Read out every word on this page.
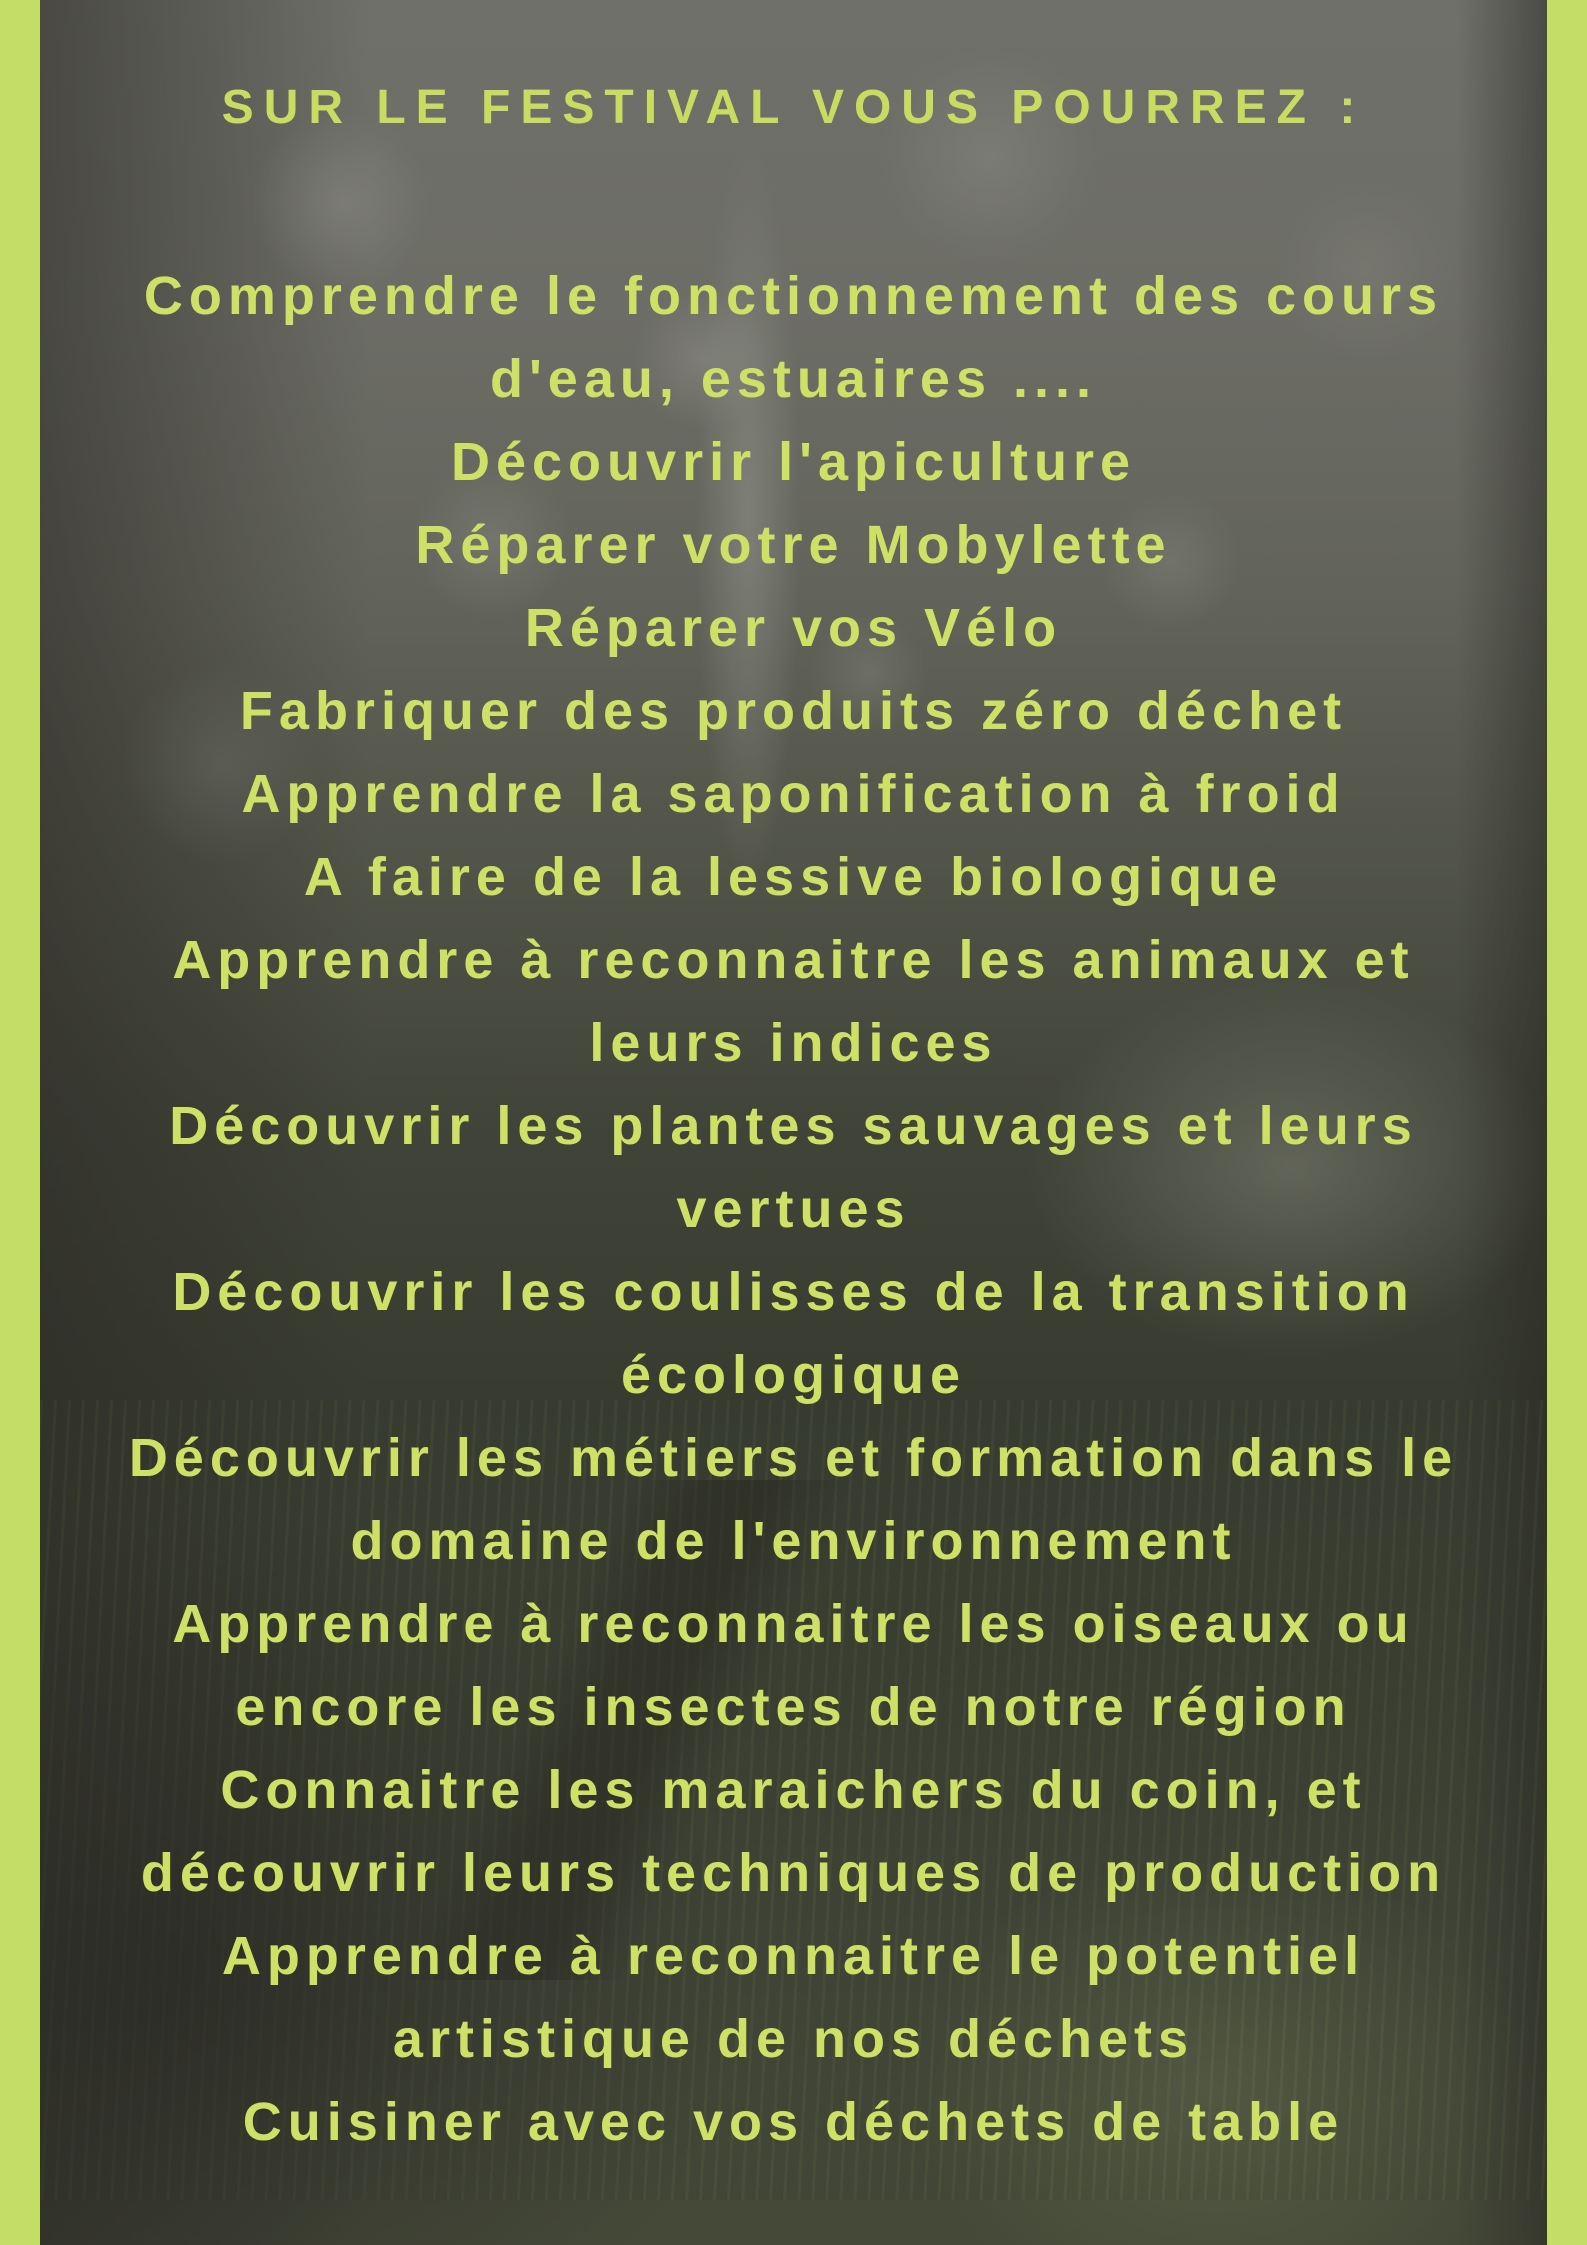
SUR LE FESTIVAL VOUS POURREZ :
Comprendre le fonctionnement des cours
d'eau, estuaires ....
Découvrir l'apiculture
Réparer votre Mobylette
Réparer vos Vélo
Fabriquer des produits zéro déchet
Apprendre la saponification à froid
A faire de la lessive biologique
Apprendre à reconnaitre les animaux et
leurs indices
Découvrir les plantes sauvages et leurs
vertues
Découvrir les coulisses de la transition
écologique
Découvrir les métiers et formation dans le
domaine de l'environnement
Apprendre à reconnaitre les oiseaux ou
encore les insectes de notre région
Connaitre les maraichers du coin, et
découvrir leurs techniques de production
Apprendre à reconnaitre le potentiel
artistique de nos déchets
Cuisiner avec vos déchets de table
